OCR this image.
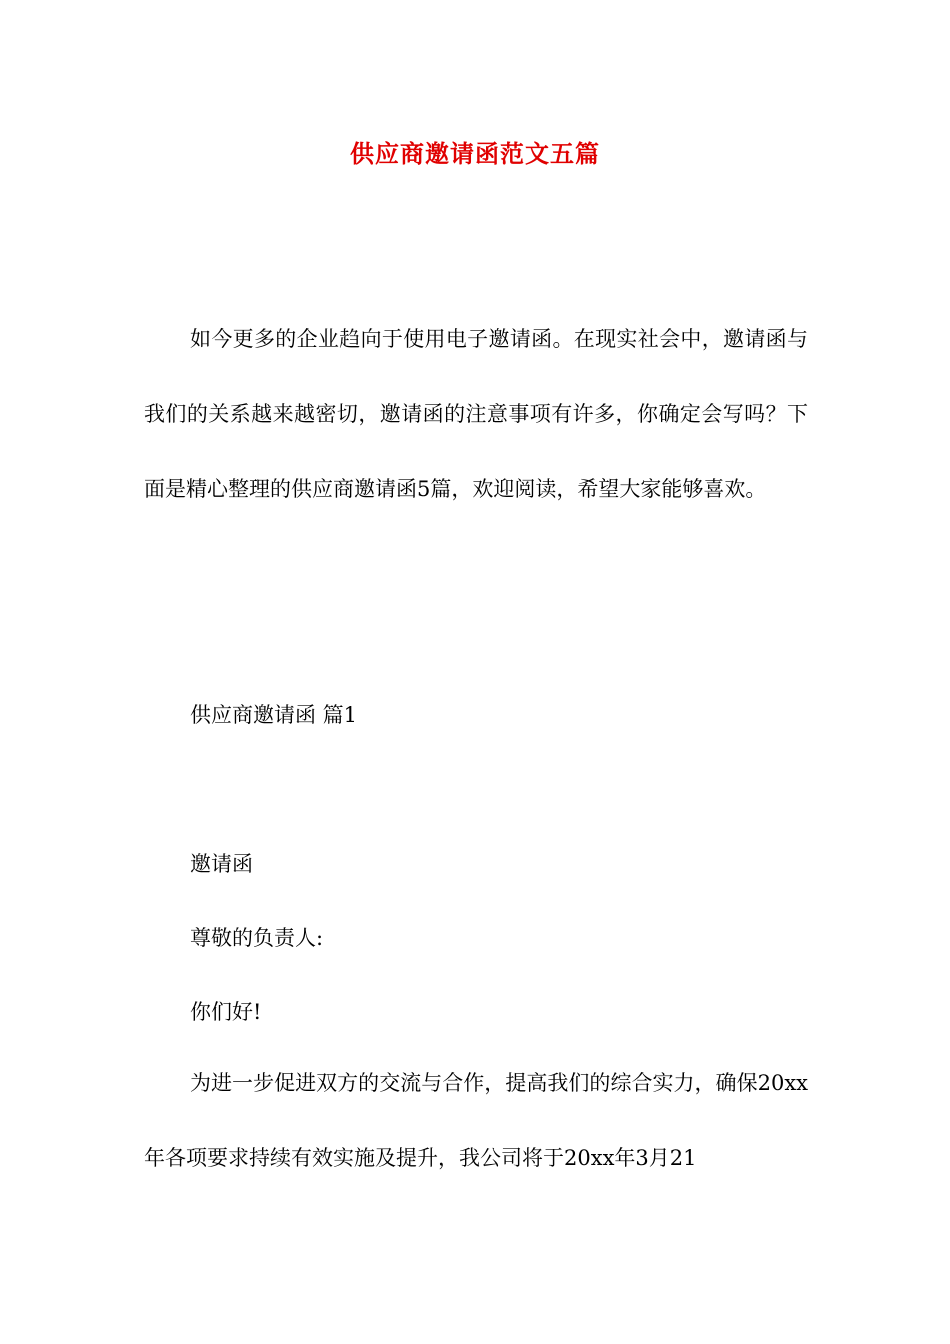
供应商邀请函范文五篇

如今更多的企业趋向于使用电子邀请函。在现实社会中，邀请函与我们的关系越来越密切，邀请函的注意事项有许多，你确定会写吗？下面是精心整理的供应商邀请函5篇，欢迎阅读，希望大家能够喜欢。

供应商邀请函 篇1
邀请函
尊敬的负责人:
你们好!

为进一步促进双方的交流与合作，提高我们的综合实力，确保20xx年各项要求持续有效实施及提升，我公司将于20xx年3月21
